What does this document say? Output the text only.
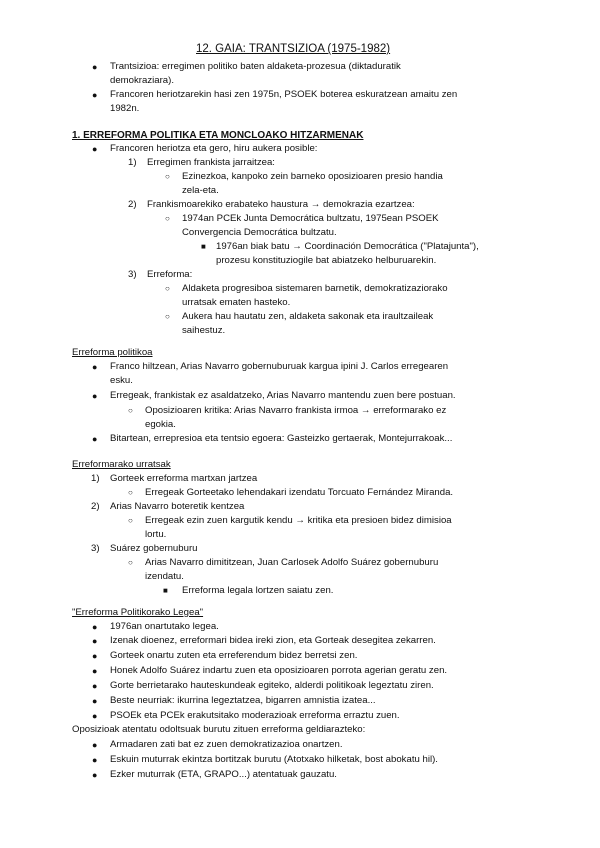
12. GAIA: TRANTSIZIOA (1975-1982)
● Trantsizioa: erregimen politiko baten aldaketa-prozesua (diktaduratik
demokraziara).
● Francoren heriotzarekin hasi zen 1975n, PSOEK boterea eskuratzean amaitu zen
1982n.
1. ERREFORMA POLITIKA ETA MONCLOAKO HITZARMENAK
● Francoren heriotza eta gero, hiru aukera posible:
1) Erregimen frankista jarraitzea:
○ Ezinezkoa, kanpoko zein barneko oposizioaren presio handia
zela-eta.
2) Frankismoarekiko erabateko haustura → demokrazia ezartzea:
○ 1974an PCEk Junta Democrática bultzatu, 1975ean PSOEK
Convergencia Democrática bultzatu.
■ 1976an biak batu → Coordinación Democrática ("Platajunta"),
prozesu konstituziogile bat abiatzeko helburuarekin.
3) Erreforma:
○ Aldaketa progresiboa sistemaren barnetik, demokratizaziorako
urratsak ematen hasteko.
○ Aukera hau hautatu zen, aldaketa sakonak eta iraultzaileak
saihestuz.
Erreforma politikoa
● Franco hiltzean, Arias Navarro gobernuburuak kargua ipini J. Carlos erregearen
esku.
● Erregeak, frankistak ez asaldatzeko, Arias Navarro mantendu zuen bere postuan.
○ Oposizioaren kritika: Arias Navarro frankista irmoa → erreformarako ez
egokia.
● Bitartean, errepresioa eta tentsio egoera: Gasteizko gertaerak, Montejurrakoak...
Erreformarako urratsak
1) Gorteek erreforma martxan jartzea
○ Erregeak Gorteetako lehendakari izendatu Torcuato Fernández Miranda.
2) Arias Navarro boteretik kentzea
○ Erregeak ezin zuen kargutik kendu → kritika eta presioen bidez dimisioa
lortu.
3) Suárez gobernuburu
○ Arias Navarro dimititzean, Juan Carlosek Adolfo Suárez gobernuburu
izendatu.
■ Erreforma legala lortzen saiatu zen.
"Erreforma Politikorako Legea"
● 1976an onartutako legea.
● Izenak dioenez, erreformari bidea ireki zion, eta Gorteak desegitea zekarren.
● Gorteek onartu zuten eta erreferendum bidez berretsi zen.
● Honek Adolfo Suárez indartu zuen eta oposizioaren porrota agerian geratu zen.
● Gorte berrietarako hauteskundeak egiteko, alderdi politikoak legeztatu ziren.
● Beste neurriak: ikurrina legeztatzea, bigarren amnistia izatea...
● PSOEk eta PCEk erakutsitako moderazioak erreforma erraztu zuen.
Oposizioak atentatu odoltsuak burutu zituen erreforma geldiarazteko:
● Armadaren zati bat ez zuen demokratizazioa onartzen.
● Eskuin muturrak ekintza bortitzak burutu (Atotxako hilketak, bost abokatu hil).
● Ezker muturrak (ETA, GRAPO...) atentatuak gauzatu.
